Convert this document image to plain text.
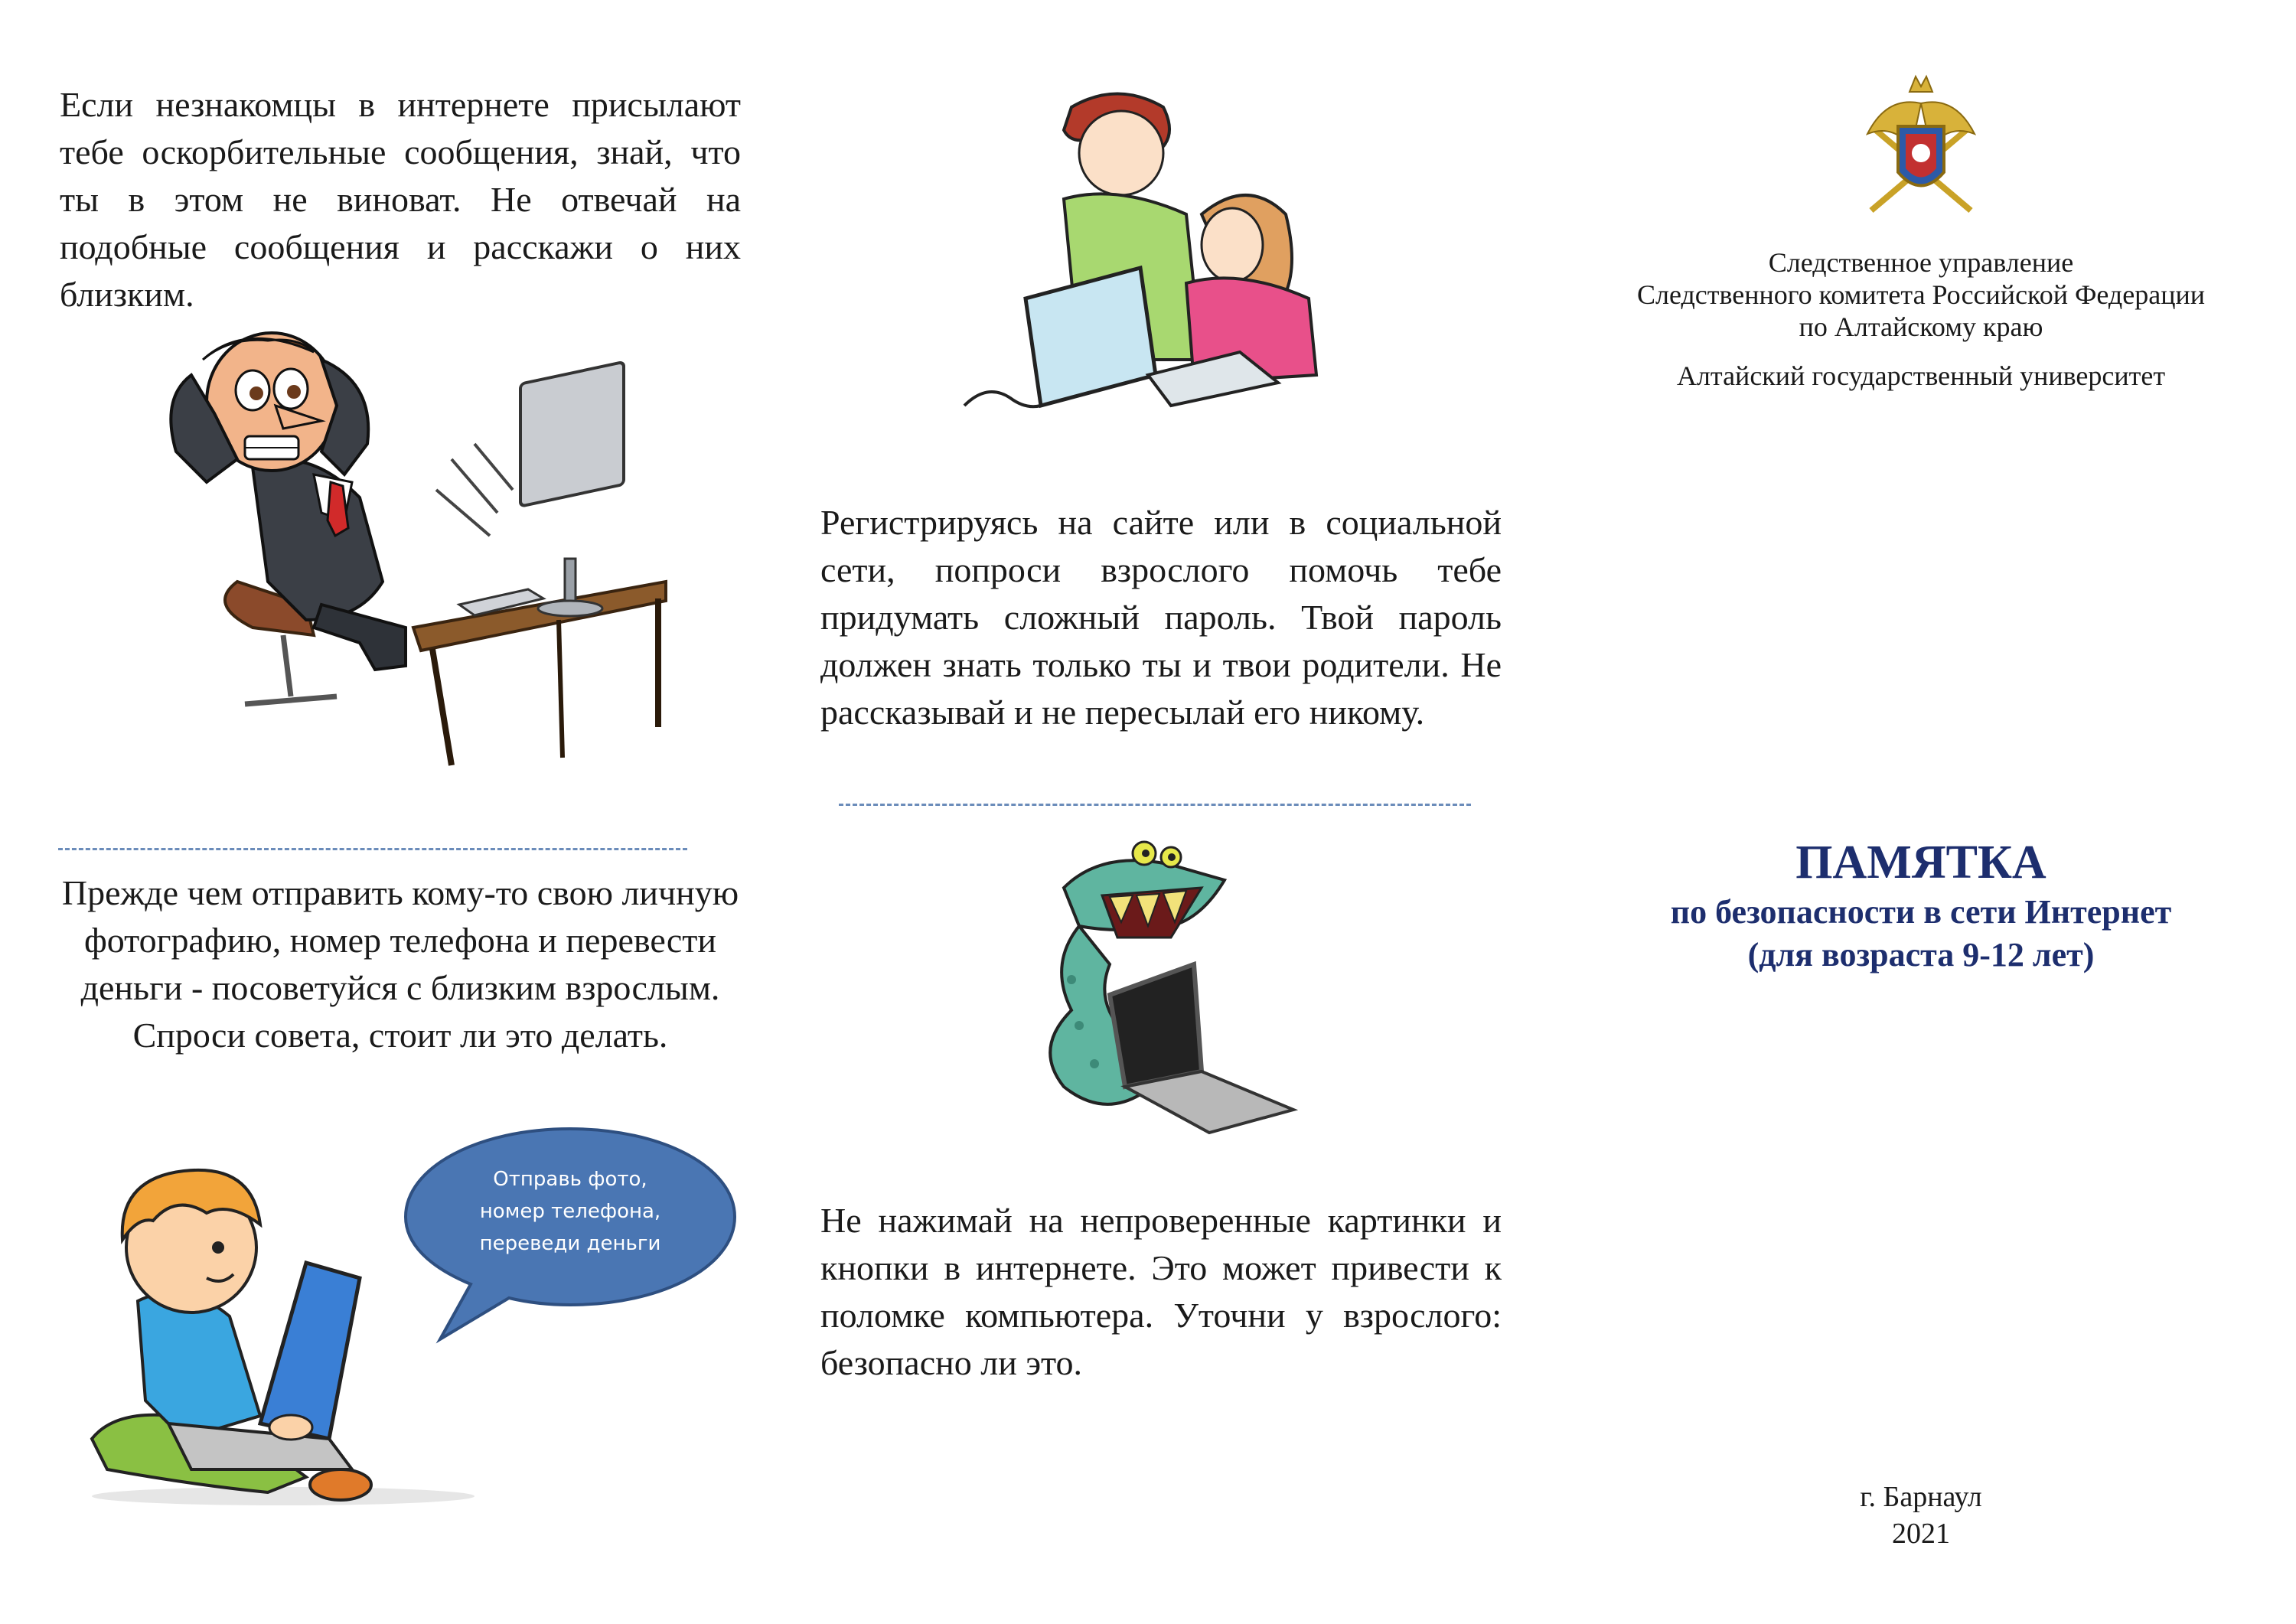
Если незнакомцы в интернете присылают тебе оскорбительные сообщения, знай, что ты в этом не виноват. Не отвечай на подобные сообщения и расскажи о них близким.
Прежде чем отправить кому-то свою личную фотографию, номер телефона и перевести деньги - посоветуйся с близким взрослым. Спроси совета, стоит ли это делать.
Отправь фото,
номер телефона,
переведи деньги
Регистрируясь на сайте или в социальной сети, попроси взрослого помочь тебе придумать сложный пароль. Твой пароль должен знать только ты и твои родители. Не рассказывай и не пересылай его никому.
Не нажимай на непроверенные картинки и кнопки в интернете. Это может привести к поломке компьютера. Уточни у взрослого: безопасно ли это.
Следственное управление
Следственного комитета Российской Федерации
по Алтайскому краю
Алтайский государственный университет
ПАМЯТКА
по безопасности в сети Интернет
(для возраста 9-12 лет)
г. Барнаул
2021
